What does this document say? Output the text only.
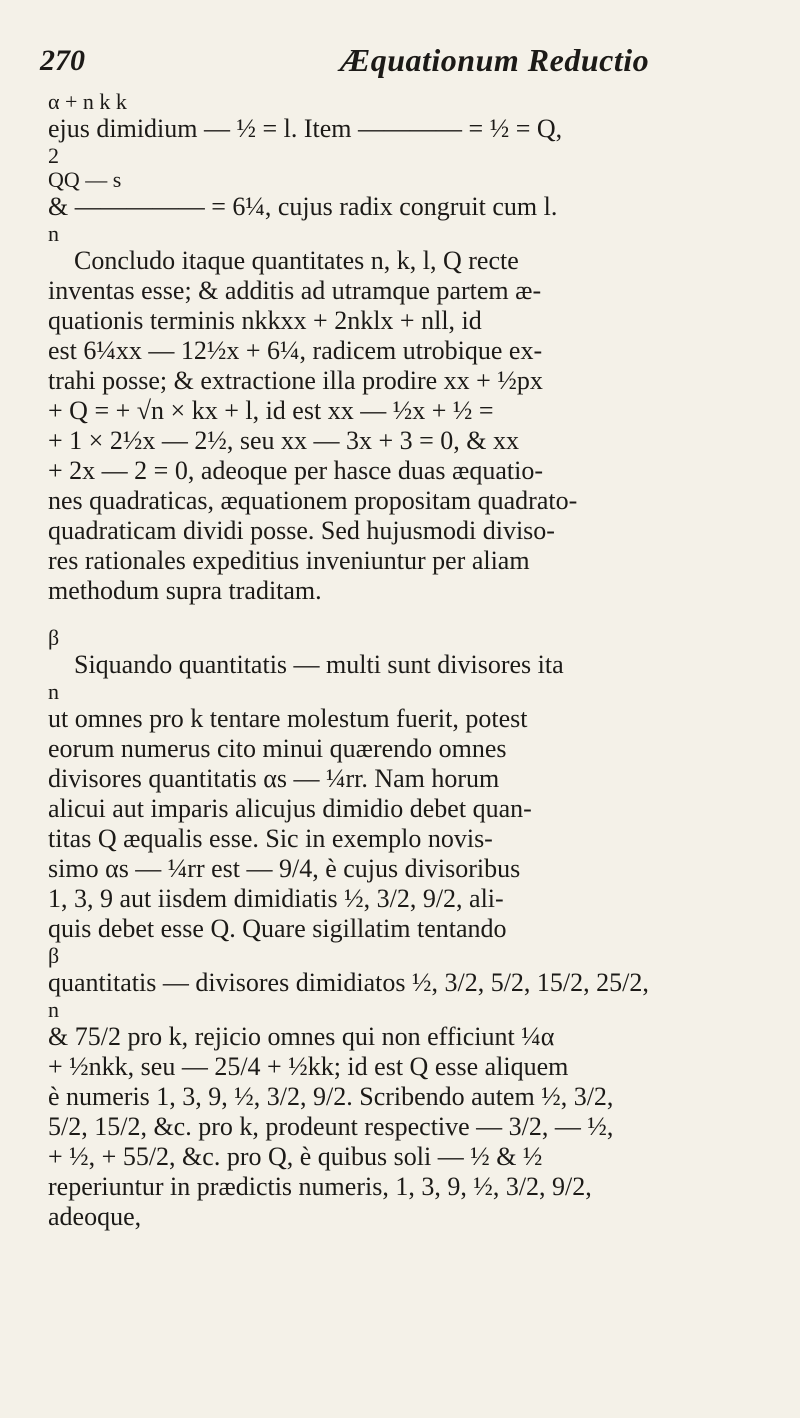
270	Æquationum Reductio
α + n k k
ejus dimidium — ½ = l. Item ———— = ½ = Q,
2
QQ — s
& ————— = 6¼, cujus radix congruit cum l.
n
Concludo itaque quantitates n, k, l, Q recte
inventas esse; & additis ad utramque partem æ-
quationis terminis nkkxx + 2nklx + nll, id
est 6¼xx — 12½x + 6¼, radicem utrobique ex-
trahi posse; & extractione illa prodire xx + ½px
+ Q = + √n × kx + l, id est xx — ½x + ½ =
+ 1 × 2½x — 2½, seu xx — 3x + 3 = 0, & xx
+ 2x — 2 = 0, adeoque per hasce duas æquatio-
nes quadraticas, æquationem propositam quadrato-
quadraticam dividi posse. Sed hujusmodi diviso-
res rationales expeditius inveniuntur per aliam
methodum supra traditam.
β
Siquando quantitatis — multi sunt divisores ita
n
ut omnes pro k tentare molestum fuerit, potest
eorum numerus cito minui quærendo omnes
divisores quantitatis αs — ¼rr. Nam horum
alicui aut imparis alicujus dimidio debet quan-
titas Q æqualis esse. Sic in exemplo novis-
simo αs — ¼rr est — 9/4, è cujus divisoribus
1, 3, 9 aut iisdem dimidiatis ½, 3/2, 9/2, ali-
quis debet esse Q. Quare sigillatim tentando
β
quantitatis — divisores dimidiatos ½, 3/2, 5/2, 15/2, 25/2,
n
& 75/2 pro k, rejicio omnes qui non efficiunt ¼α
+ ½nkk, seu — 25/4 + ½kk; id est Q esse aliquem
è numeris 1, 3, 9, ½, 3/2, 9/2. Scribendo autem ½, 3/2,
5/2, 15/2, &c. pro k, prodeunt respective — 3/2, — ½,
+ ½, + 55/2, &c. pro Q, è quibus soli — ½ & ½
reperiuntur in prædictis numeris, 1, 3, 9, ½, 3/2, 9/2,
adeoque,
